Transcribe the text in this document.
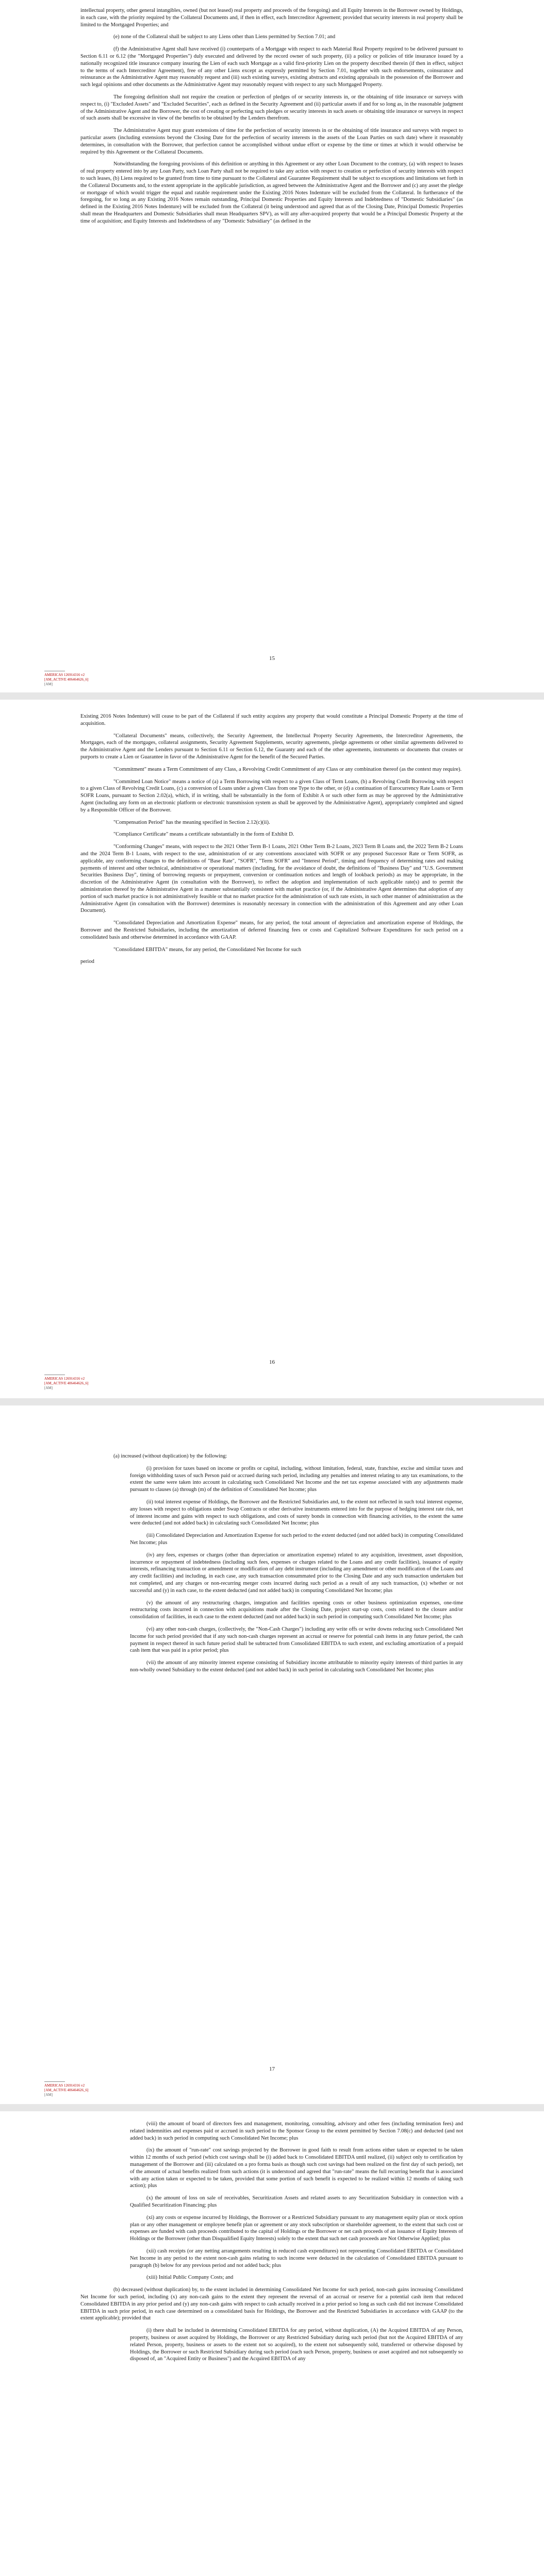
intellectual property, other general intangibles, owned (but not leased) real property and proceeds of the foregoing) and all Equity Interests in the Borrower owned by Holdings, in each case, with the priority required by the Collateral Documents and, if then in effect, each Intercreditor Agreement; provided that security interests in real property shall be limited to the Mortgaged Properties; and

(e) none of the Collateral shall be subject to any Liens other than Liens permitted by Section 7.01; and

(f) the Administrative Agent shall have received (i) counterparts of a Mortgage with respect to each Material Real Property required to be delivered pursuant to Section 6.11 or 6.12 (the "Mortgaged Properties") duly executed and delivered by the record owner of such property, (ii) a policy or policies of title insurance issued by a nationally recognized title insurance company insuring the Lien of each such Mortgage as a valid first-priority Lien on the property described therein (if then in effect, subject to the terms of each Intercreditor Agreement), free of any other Liens except as expressly permitted by Section 7.01, together with such endorsements, coinsurance and reinsurance as the Administrative Agent may reasonably request and (iii) such existing surveys, existing abstracts and existing appraisals in the possession of the Borrower and such legal opinions and other documents as the Administrative Agent may reasonably request with respect to any such Mortgaged Property.

The foregoing definition shall not require the creation or perfection of pledges of or security interests in, or the obtaining of title insurance or surveys with respect to, (i) "Excluded Assets" and "Excluded Securities", each as defined in the Security Agreement and (ii) particular assets if and for so long as, in the reasonable judgment of the Administrative Agent and the Borrower, the cost of creating or perfecting such pledges or security interests in such assets or obtaining title insurance or surveys in respect of such assets shall be excessive in view of the benefits to be obtained by the Lenders therefrom.

The Administrative Agent may grant extensions of time for the perfection of security interests in or the obtaining of title insurance and surveys with respect to particular assets (including extensions beyond the Closing Date for the perfection of security interests in the assets of the Loan Parties on such date) where it reasonably determines, in consultation with the Borrower, that perfection cannot be accomplished without undue effort or expense by the time or times at which it would otherwise be required by this Agreement or the Collateral Documents.

Notwithstanding the foregoing provisions of this definition or anything in this Agreement or any other Loan Document to the contrary, (a) with respect to leases of real property entered into by any Loan Party, such Loan Party shall not be required to take any action with respect to creation or perfection of security interests with respect to such leases, (b) Liens required to be granted from time to time pursuant to the Collateral and Guarantee Requirement shall be subject to exceptions and limitations set forth in the Collateral Documents and, to the extent appropriate in the applicable jurisdiction, as agreed between the Administrative Agent and the Borrower and (c) any asset the pledge or mortgage of which would trigger the equal and ratable requirement under the Existing 2016 Notes Indenture will be excluded from the Collateral. In furtherance of the foregoing, for so long as any Existing 2016 Notes remain outstanding, Principal Domestic Properties and Equity Interests and Indebtedness of "Domestic Subsidiaries" (as defined in the Existing 2016 Notes Indenture) will be excluded from the Collateral (it being understood and agreed that as of the Closing Date, Principal Domestic Properties shall mean the Headquarters and Domestic Subsidiaries shall mean Headquarters SPV), as will any after-acquired property that would be a Principal Domestic Property at the time of acquisition; and Equity Interests and Indebtedness of any "Domestic Subsidiary" (as defined in the

15
AMERICAS 126914316 v2
[AM_ACTIVE 406464626_6]
[AM]

Existing 2016 Notes Indenture) will cease to be part of the Collateral if such entity acquires any property that would constitute a Principal Domestic Property at the time of acquisition.

"Collateral Documents" means, collectively, the Security Agreement, the Intellectual Property Security Agreements, the Intercreditor Agreements, the Mortgages, each of the mortgages, collateral assignments, Security Agreement Supplements, security agreements, pledge agreements or other similar agreements delivered to the Administrative Agent and the Lenders pursuant to Section 6.11 or Section 6.12, the Guaranty and each of the other agreements, instruments or documents that creates or purports to create a Lien or Guarantee in favor of the Administrative Agent for the benefit of the Secured Parties.

"Commitment" means a Term Commitment of any Class, a Revolving Credit Commitment of any Class or any combination thereof (as the context may require).

"Committed Loan Notice" means a notice of (a) a Term Borrowing with respect to a given Class of Term Loans, (b) a Revolving Credit Borrowing with respect to a given Class of Revolving Credit Loans, (c) a conversion of Loans under a given Class from one Type to the other, or (d) a continuation of Eurocurrency Rate Loans or Term SOFR Loans, pursuant to Section 2.02(a), which, if in writing, shall be substantially in the form of Exhibit A or such other form as may be approved by the Administrative Agent (including any form on an electronic platform or electronic transmission system as shall be approved by the Administrative Agent), appropriately completed and signed by a Responsible Officer of the Borrower.

"Compensation Period" has the meaning specified in Section 2.12(c)(ii).

"Compliance Certificate" means a certificate substantially in the form of Exhibit D.

"Conforming Changes" means, with respect to the 2021 Other Term B-1 Loans, 2021 Other Term B-2 Loans, 2023 Term B Loans and, the 2022 Term B-2 Loans and the 2024 Term B-1 Loans, with respect to the use, administration of or any conventions associated with SOFR or any proposed Successor Rate or Term SOFR, as applicable, any conforming changes to the definitions of "Base Rate", "SOFR", "Term SOFR" and "Interest Period", timing and frequency of determining rates and making payments of interest and other technical, administrative or operational matters (including, for the avoidance of doubt, the definitions of "Business Day" and "U.S. Government Securities Business Day", timing of borrowing requests or prepayment, conversion or continuation notices and length of lookback periods) as may be appropriate, in the discretion of the Administrative Agent (in consultation with the Borrower), to reflect the adoption and implementation of such applicable rate(s) and to permit the administration thereof by the Administrative Agent in a manner substantially consistent with market practice (or, if the Administrative Agent determines that adoption of any portion of such market practice is not administratively feasible or that no market practice for the administration of such rate exists, in such other manner of administration as the Administrative Agent (in consultation with the Borrower) determines is reasonably necessary in connection with the administration of this Agreement and any other Loan Document).

"Consolidated Depreciation and Amortization Expense" means, for any period, the total amount of depreciation and amortization expense of Holdings, the Borrower and the Restricted Subsidiaries, including the amortization of deferred financing fees or costs and Capitalized Software Expenditures for such period on a consolidated basis and otherwise determined in accordance with GAAP.

"Consolidated EBITDA" means, for any period, the Consolidated Net Income for such

period

16
AMERICAS 126914316 v2
[AM_ACTIVE 406464626_6]
[AM]

(a) increased (without duplication) by the following:

(i) provision for taxes based on income or profits or capital, including, without limitation, federal, state, franchise, excise and similar taxes and foreign withholding taxes of such Person paid or accrued during such period, including any penalties and interest relating to any tax examinations, to the extent the same were taken into account in calculating such Consolidated Net Income and the net tax expense associated with any adjustments made pursuant to clauses (a) through (m) of the definition of Consolidated Net Income; plus

(ii) total interest expense of Holdings, the Borrower and the Restricted Subsidiaries and, to the extent not reflected in such total interest expense, any losses with respect to obligations under Swap Contracts or other derivative instruments entered into for the purpose of hedging interest rate risk, net of interest income and gains with respect to such obligations, and costs of surety bonds in connection with financing activities, to the extent the same were deducted (and not added back) in calculating such Consolidated Net Income; plus

(iii) Consolidated Depreciation and Amortization Expense for such period to the extent deducted (and not added back) in computing Consolidated Net Income; plus

(iv) any fees, expenses or charges (other than depreciation or amortization expense) related to any acquisition, investment, asset disposition, incurrence or repayment of indebtedness (including such fees, expenses or charges related to the Loans and any credit facilities), issuance of equity interests, refinancing transaction or amendment or modification of any debt instrument (including any amendment or other modification of the Loans and any credit facilities) and including, in each case, any such transaction consummated prior to the Closing Date and any such transaction undertaken but not completed, and any charges or non-recurring merger costs incurred during such period as a result of any such transaction, (x) whether or not successful and (y) in each case, to the extent deducted (and not added back) in computing Consolidated Net Income; plus

(v) the amount of any restructuring charges, integration and facilities opening costs or other business optimization expenses, one-time restructuring costs incurred in connection with acquisitions made after the Closing Date, project start-up costs, costs related to the closure and/or consolidation of facilities, in each case to the extent deducted (and not added back) in such period in computing such Consolidated Net Income; plus

(vi) any other non-cash charges, (collectively, the "Non-Cash Charges") including any write offs or write downs reducing such Consolidated Net Income for such period provided that if any such non-cash charges represent an accrual or reserve for potential cash items in any future period, the cash payment in respect thereof in such future period shall be subtracted from Consolidated EBITDA to such extent, and excluding amortization of a prepaid cash item that was paid in a prior period; plus

(vii) the amount of any minority interest expense consisting of Subsidiary income attributable to minority equity interests of third parties in any non-wholly owned Subsidiary to the extent deducted (and not added back) in such period in calculating such Consolidated Net Income; plus

17
AMERICAS 126914316 v2
[AM_ACTIVE 406464626_6]
[AM]

(viii) the amount of board of directors fees and management, monitoring, consulting, advisory and other fees (including termination fees) and related indemnities and expenses paid or accrued in such period to the Sponsor Group to the extent permitted by Section 7.08(c) and deducted (and not added back) in such period in computing such Consolidated Net Income; plus

(ix) the amount of "run-rate" cost savings projected by the Borrower in good faith to result from actions either taken or expected to be taken within 12 months of such period (which cost savings shall be (i) added back to Consolidated EBITDA until realized, (ii) subject only to certification by management of the Borrower and (iii) calculated on a pro forma basis as though such cost savings had been realized on the first day of such period), net of the amount of actual benefits realized from such actions (it is understood and agreed that "run-rate" means the full recurring benefit that is associated with any action taken or expected to be taken, provided that some portion of such benefit is expected to be realized within 12 months of taking such action); plus

(x) the amount of loss on sale of receivables, Securitization Assets and related assets to any Securitization Subsidiary in connection with a Qualified Securitization Financing; plus

(xi) any costs or expense incurred by Holdings, the Borrower or a Restricted Subsidiary pursuant to any management equity plan or stock option plan or any other management or employee benefit plan or agreement or any stock subscription or shareholder agreement, to the extent that such cost or expenses are funded with cash proceeds contributed to the capital of Holdings or the Borrower or net cash proceeds of an issuance of Equity Interests of Holdings or the Borrower (other than Disqualified Equity Interests) solely to the extent that such net cash proceeds are Not Otherwise Applied; plus

(xii) cash receipts (or any netting arrangements resulting in reduced cash expenditures) not representing Consolidated EBITDA or Consolidated Net Income in any period to the extent non-cash gains relating to such income were deducted in the calculation of Consolidated EBITDA pursuant to paragraph (b) below for any previous period and not added back; plus

(xiii) Initial Public Company Costs; and

(b) decreased (without duplication) by, to the extent included in determining Consolidated Net Income for such period, non-cash gains increasing Consolidated Net Income for such period, including (x) any non-cash gains to the extent they represent the reversal of an accrual or reserve for a potential cash item that reduced Consolidated EBITDA in any prior period and (y) any non-cash gains with respect to cash actually received in a prior period so long as such cash did not increase Consolidated EBITDA in such prior period, in each case determined on a consolidated basis for Holdings, the Borrower and the Restricted Subsidiaries in accordance with GAAP (to the extent applicable); provided that

(i) there shall be included in determining Consolidated EBITDA for any period, without duplication, (A) the Acquired EBITDA of any Person, property, business or asset acquired by Holdings, the Borrower or any Restricted Subsidiary during such period (but not the Acquired EBITDA of any related Person, property, business or assets to the extent not so acquired), to the extent not subsequently sold, transferred or otherwise disposed by Holdings, the Borrower or such Restricted Subsidiary during such period (each such Person, property, business or asset acquired and not subsequently so disposed of, an "Acquired Entity or Business") and the Acquired EBITDA of any
